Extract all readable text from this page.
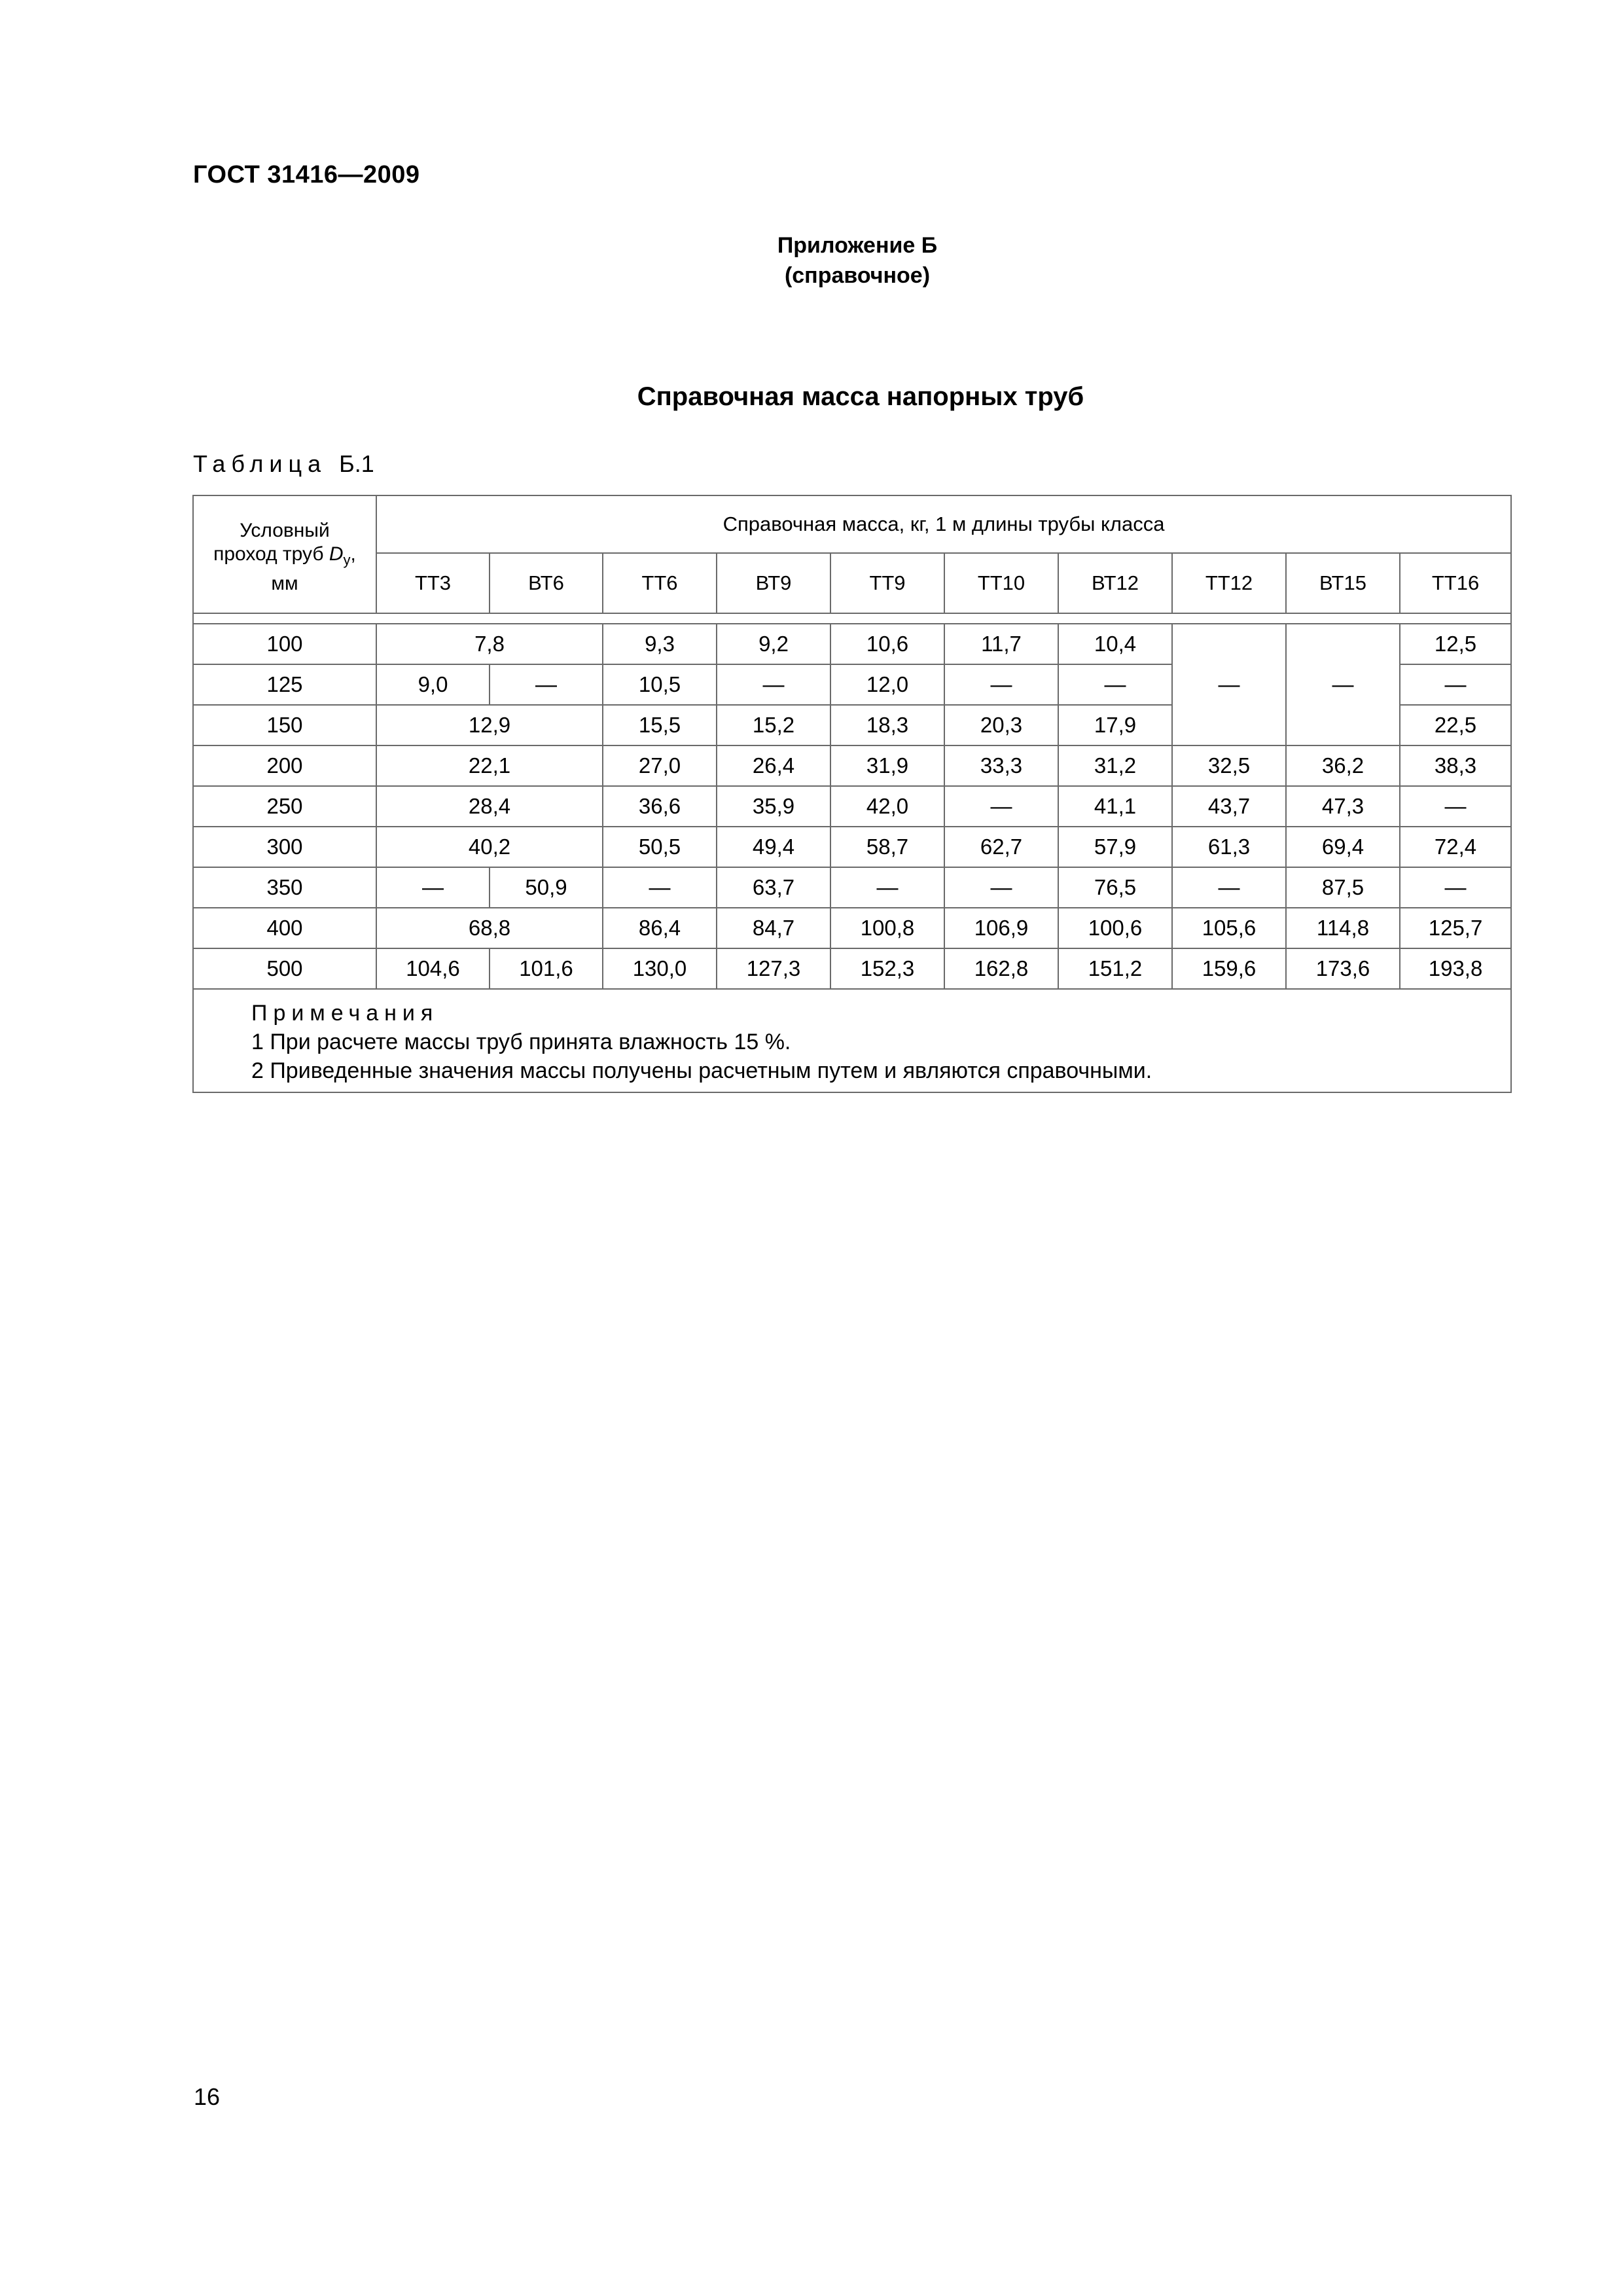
ГОСТ 31416—2009
Приложение Б
(справочное)
Справочная масса напорных труб
Таблица Б.1
Условный
проход труб $D_у$,
мм	Справочная масса, кг, 1 м длины трубы класса									
	ТТ3	ВТ6	ТТ6	ВТ9	ТТ9	ТТ10	ВТ12	ТТ12	ВТ15	ТТ16

100	7,8		9,3	9,2	10,6	11,7	10,4	—	—	12,5
125	9,0	—	10,5	—	12,0	—	—			—
150	12,9		15,5	15,2	18,3	20,3	17,9			22,5
200	22,1		27,0	26,4	31,9	33,3	31,2	32,5	36,2	38,3
250	28,4		36,6	35,9	42,0	—	41,1	43,7	47,3	—
300	40,2		50,5	49,4	58,7	62,7	57,9	61,3	69,4	72,4
350	—	50,9	—	63,7	—	—	76,5	—	87,5	—
400	68,8		86,4	84,7	100,8	106,9	100,6	105,6	114,8	125,7
500	104,6	101,6	130,0	127,3	152,3	162,8	151,2	159,6	173,6	193,8

Примечания
1 При расчете массы труб принята влажность 15 %.
2 Приведенные значения массы получены расчетным путем и являются справочными.										
16
